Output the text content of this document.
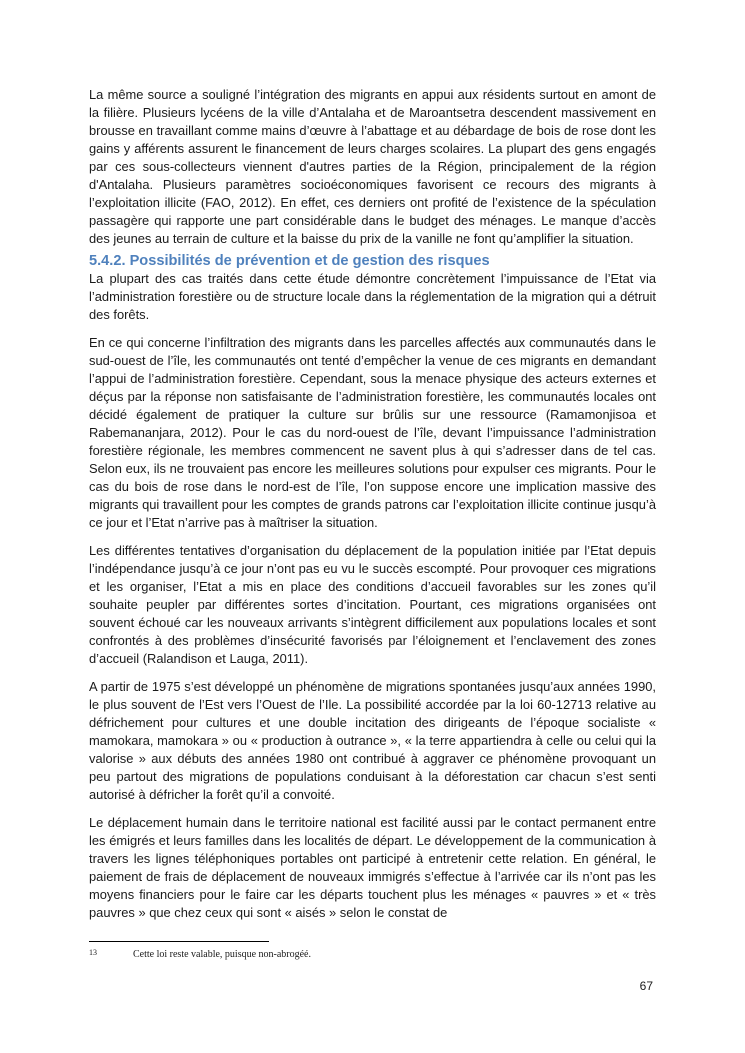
La même source a souligné l’intégration des migrants en appui aux résidents surtout en amont de la filière. Plusieurs lycéens de la ville d’Antalaha et de Maroantsetra descendent massivement en brousse en travaillant comme mains d’œuvre à l’abattage et au débardage de bois de rose dont les gains y afférents assurent le financement de leurs charges scolaires. La plupart des gens engagés par ces sous-collecteurs viennent d'autres parties de la Région, principalement de la région d'Antalaha. Plusieurs paramètres socioéconomiques favorisent ce recours des migrants à l’exploitation illicite (FAO, 2012). En effet, ces derniers ont profité de l’existence de la spéculation passagère qui rapporte une part considérable dans le budget des ménages. Le manque d’accès des jeunes au terrain de culture et la baisse du prix de la vanille ne font qu’amplifier la situation.

5.4.2. Possibilités de prévention et de gestion des risques

La plupart des cas traités dans cette étude démontre concrètement l’impuissance de l’Etat via l’administration forestière ou de structure locale dans la réglementation de la migration qui a détruit des forêts.

En ce qui concerne l’infiltration des migrants dans les parcelles affectés aux communautés dans le sud-ouest de l’île, les communautés ont tenté d’empêcher la venue de ces migrants en demandant l’appui de l’administration forestière. Cependant, sous la menace physique des acteurs externes et déçus par la réponse non satisfaisante de l’administration forestière, les communautés locales ont décidé également de pratiquer la culture sur brûlis sur une ressource (Ramamonjisoa et Rabemananjara, 2012). Pour le cas du nord-ouest de l’île, devant l’impuissance l’administration forestière régionale, les membres commencent ne savent plus à qui s’adresser dans de tel cas. Selon eux, ils ne trouvaient pas encore les meilleures solutions pour expulser ces migrants. Pour le cas du bois de rose dans le nord-est de l’île, l’on suppose encore une implication massive des migrants qui travaillent pour les comptes de grands patrons car l’exploitation illicite continue jusqu’à ce jour et l’Etat n’arrive pas à maîtriser la situation.

Les différentes tentatives d’organisation du déplacement de la population initiée par l’Etat depuis l’indépendance jusqu’à ce jour n’ont pas eu vu le succès escompté. Pour provoquer ces migrations et les organiser, l’Etat a mis en place des conditions d’accueil favorables sur les zones qu’il souhaite peupler par différentes sortes d’incitation. Pourtant, ces migrations organisées ont souvent échoué car les nouveaux arrivants s’intègrent difficilement aux populations locales et sont confrontés à des problèmes d’insécurité favorisés par l’éloignement et l’enclavement des zones d’accueil (Ralandison et Lauga, 2011).

A partir de 1975 s’est développé un phénomène de migrations spontanées jusqu’aux années 1990, le plus souvent de l’Est vers l’Ouest de l’Ile. La possibilité accordée par la loi 60-12713 relative au défrichement pour cultures et une double incitation des dirigeants de l’époque socialiste « mamokara, mamokara » ou « production à outrance », « la terre appartiendra à celle ou celui qui la valorise » aux débuts des années 1980 ont contribué à aggraver ce phénomène provoquant un peu partout des migrations de populations conduisant à la déforestation car chacun s’est senti autorisé à défricher la forêt qu’il a convoité.

Le déplacement humain dans le territoire national est facilité aussi par le contact permanent entre les émigrés et leurs familles dans les localités de départ. Le développement de la communication à travers les lignes téléphoniques portables ont participé à entretenir cette relation. En général, le paiement de frais de déplacement de nouveaux immigrés s’effectue à l’arrivée car ils n’ont pas les moyens financiers pour le faire car les départs touchent plus les ménages « pauvres » et « très pauvres » que chez ceux qui sont « aisés » selon le constat de

13	Cette loi reste valable, puisque non-abrogéé.
67
